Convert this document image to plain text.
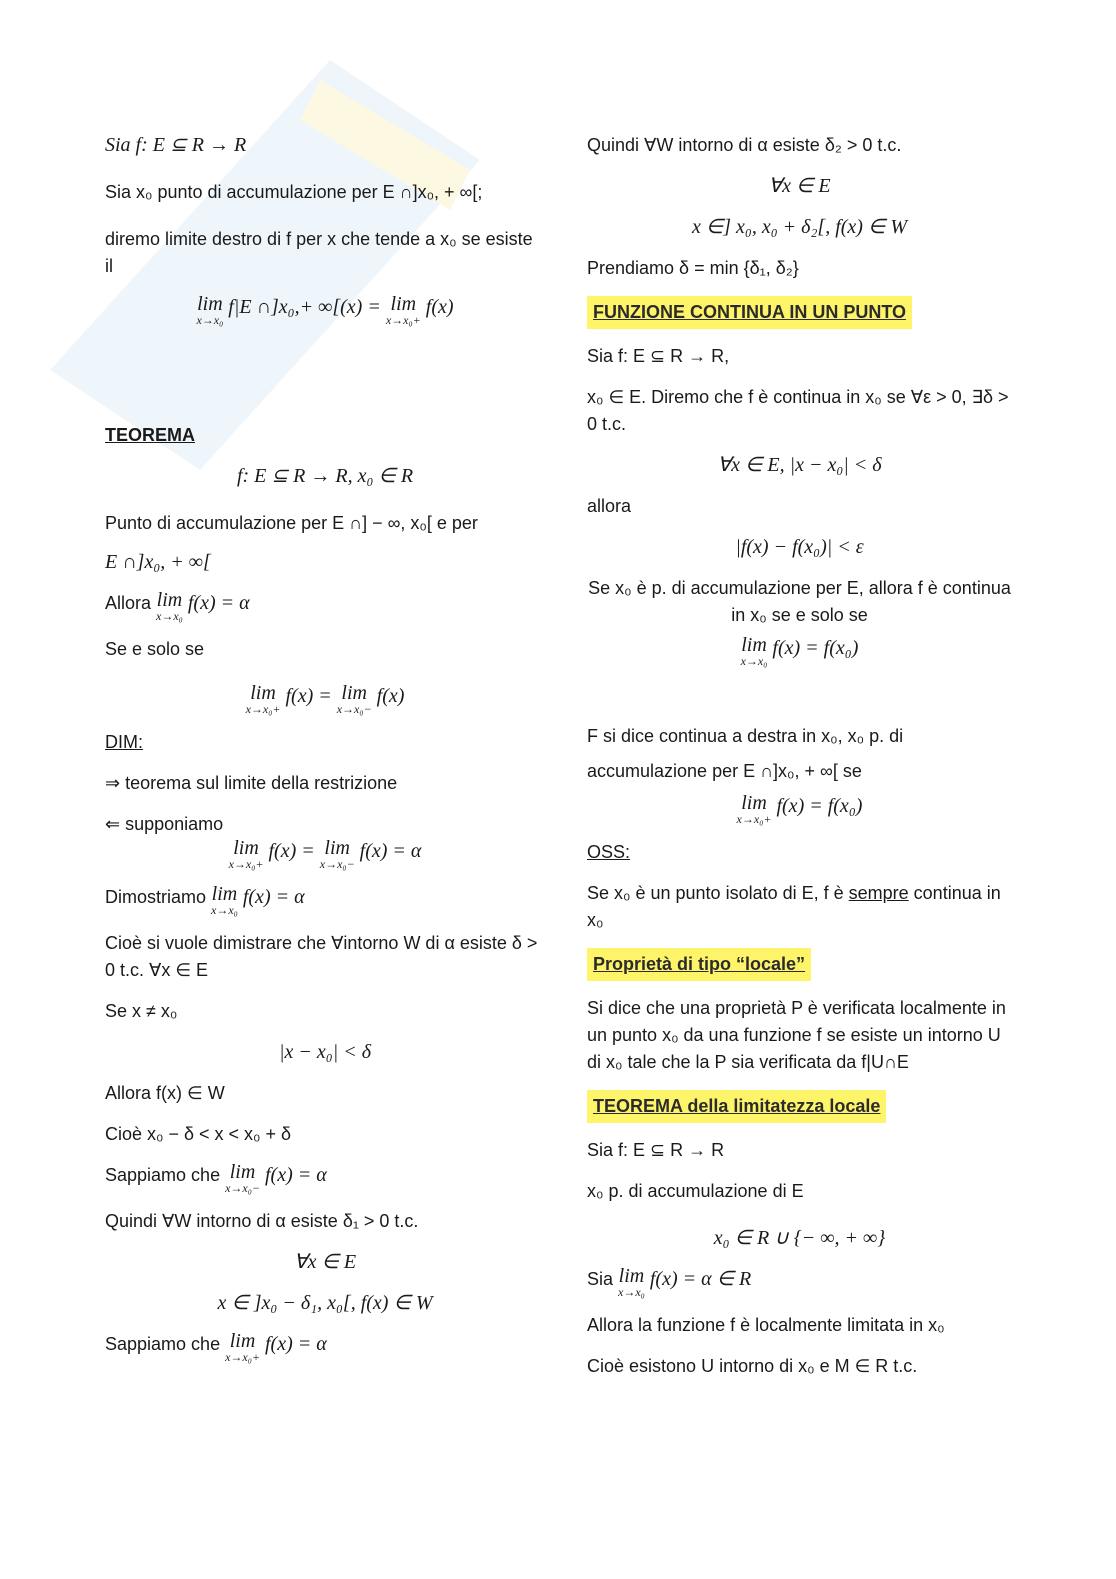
Sia f: E ⊆ R → R

Sia x₀ punto di accumulazione per E ∩]x₀, + ∞[;

diremo limite destro di f per x che tende a x₀ se esiste il

lim
x→x₀
f|E ∩]x₀,+ ∞[(x) = lim
x→x₀+
f(x)

TEOREMA

f: E ⊆ R → R, x₀ ∈ R

Punto di accumulazione per E ∩] − ∞, x₀[ e per

E ∩]x₀, + ∞[

Allora lim
x→x₀
f(x) = α

Se e solo se

lim
x→x₀+
f(x) = lim
x→x₀−
f(x)

DIM:

⇒ teorema sul limite della restrizione

⇐ supponiamo

lim
x→x₀+
f(x) = lim
x→x₀−
f(x) = α

Dimostriamo lim
x→x₀
f(x) = α

Cioè si vuole dimistrare che ∀intorno W di α esiste δ > 0 t.c. ∀x ∈ E

Se x ≠ x₀

|x − x₀| < δ

Allora f(x) ∈ W

Cioè x₀ − δ < x < x₀ + δ

Sappiamo che lim
x→x₀−
f(x) = α

Quindi ∀W intorno di α esiste δ₁ > 0 t.c.

∀x ∈ E

x ∈ ]x₀ − δ₁, x₀[, f(x) ∈ W

Sappiamo che lim
x→x₀+
f(x) = α

Quindi ∀W intorno di α esiste δ₂ > 0 t.c.

∀x ∈ E

x ∈] x₀, x₀ + δ₂[, f(x) ∈ W

Prendiamo δ = min {δ₁, δ₂}

FUNZIONE CONTINUA IN UN PUNTO

Sia f: E ⊆ R → R,

x₀ ∈ E. Diremo che f è continua in x₀ se ∀ε > 0, ∃δ > 0 t.c.

∀x ∈ E, |x − x₀| < δ

allora

|f(x) − f(x₀)| < ε

Se x₀ è p. di accumulazione per E, allora f è continua in x₀ se e solo se

lim
x→x₀
f(x) = f(x₀)

F si dice continua a destra in x₀, x₀ p. di

accumulazione per E ∩]x₀, + ∞[ se

lim
x→x₀+
f(x) = f(x₀)

OSS:

Se x₀ è un punto isolato di E, f è sempre continua in x₀

Proprietà di tipo “locale”

Si dice che una proprietà P è verificata localmente in un punto x₀ da una funzione f se esiste un intorno U di x₀ tale che la P sia verificata da f|U∩E

TEOREMA della limitatezza locale

Sia f: E ⊆ R → R

x₀ p. di accumulazione di E

x₀ ∈ R ∪ {− ∞, + ∞}

Sia lim
x→x₀
f(x) = α ∈ R

Allora la funzione f è localmente limitata in x₀

Cioè esistono U intorno di x₀ e M ∈ R t.c.
